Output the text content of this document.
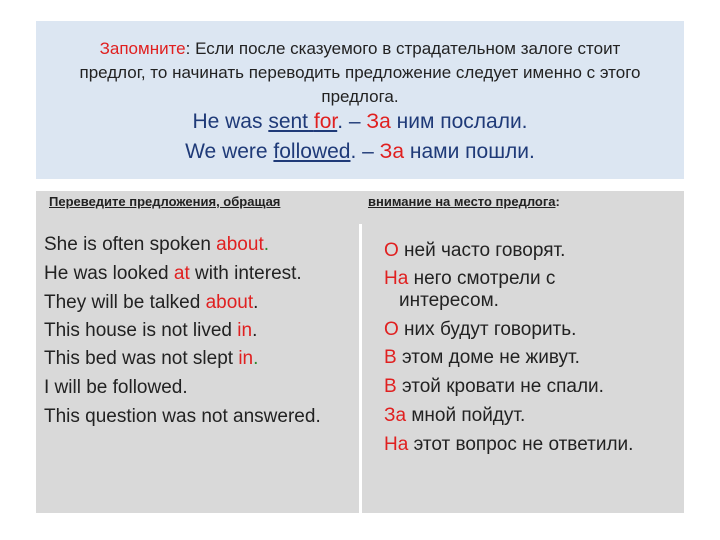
Запомните: Если после сказуемого в страдательном залоге стоит
предлог, то начинать переводить предложение следует именно с этого
предлога.
He was sent for. – За ним послали.
We were followed. – За нами пошли.
Переведите предложения, обращая	внимание на место предлога:
She is often spoken about.
He was looked at with interest.
They will be talked about.
This house is not lived in.
This bed was not slept in.
I will be followed.
This question was not answered.
О ней часто говорят.
На него смотрели с
интересом.
О них будут говорить.
В этом доме не живут.
В этой кровати не спали.
За мной пойдут.
На этот вопрос не ответили.
